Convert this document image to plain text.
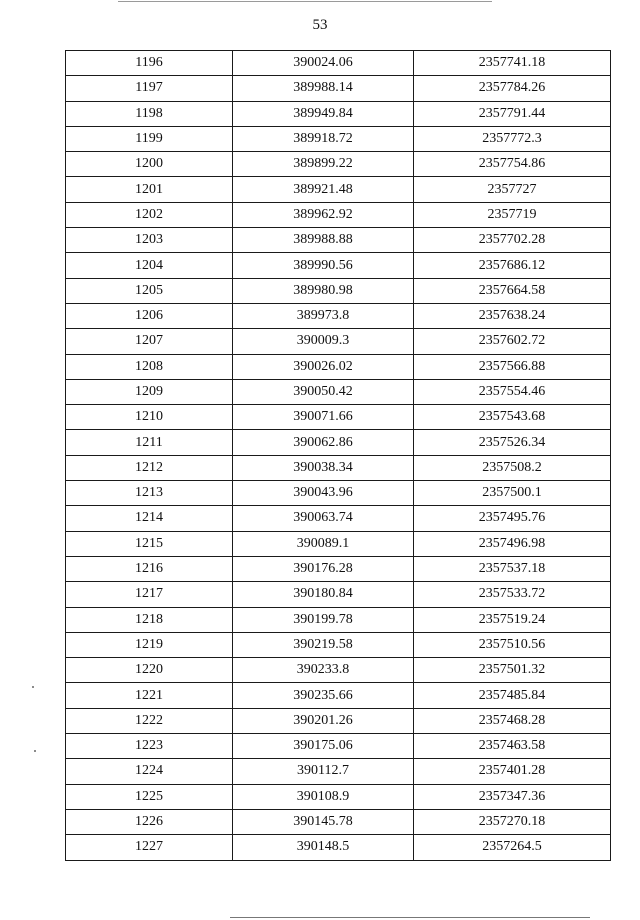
53
1196	390024.06	2357741.18
1197	389988.14	2357784.26
1198	389949.84	2357791.44
1199	389918.72	2357772.3
1200	389899.22	2357754.86
1201	389921.48	2357727
1202	389962.92	2357719
1203	389988.88	2357702.28
1204	389990.56	2357686.12
1205	389980.98	2357664.58
1206	389973.8	2357638.24
1207	390009.3	2357602.72
1208	390026.02	2357566.88
1209	390050.42	2357554.46
1210	390071.66	2357543.68
1211	390062.86	2357526.34
1212	390038.34	2357508.2
1213	390043.96	2357500.1
1214	390063.74	2357495.76
1215	390089.1	2357496.98
1216	390176.28	2357537.18
1217	390180.84	2357533.72
1218	390199.78	2357519.24
1219	390219.58	2357510.56
1220	390233.8	2357501.32
1221	390235.66	2357485.84
1222	390201.26	2357468.28
1223	390175.06	2357463.58
1224	390112.7	2357401.28
1225	390108.9	2357347.36
1226	390145.78	2357270.18
1227	390148.5	2357264.5
